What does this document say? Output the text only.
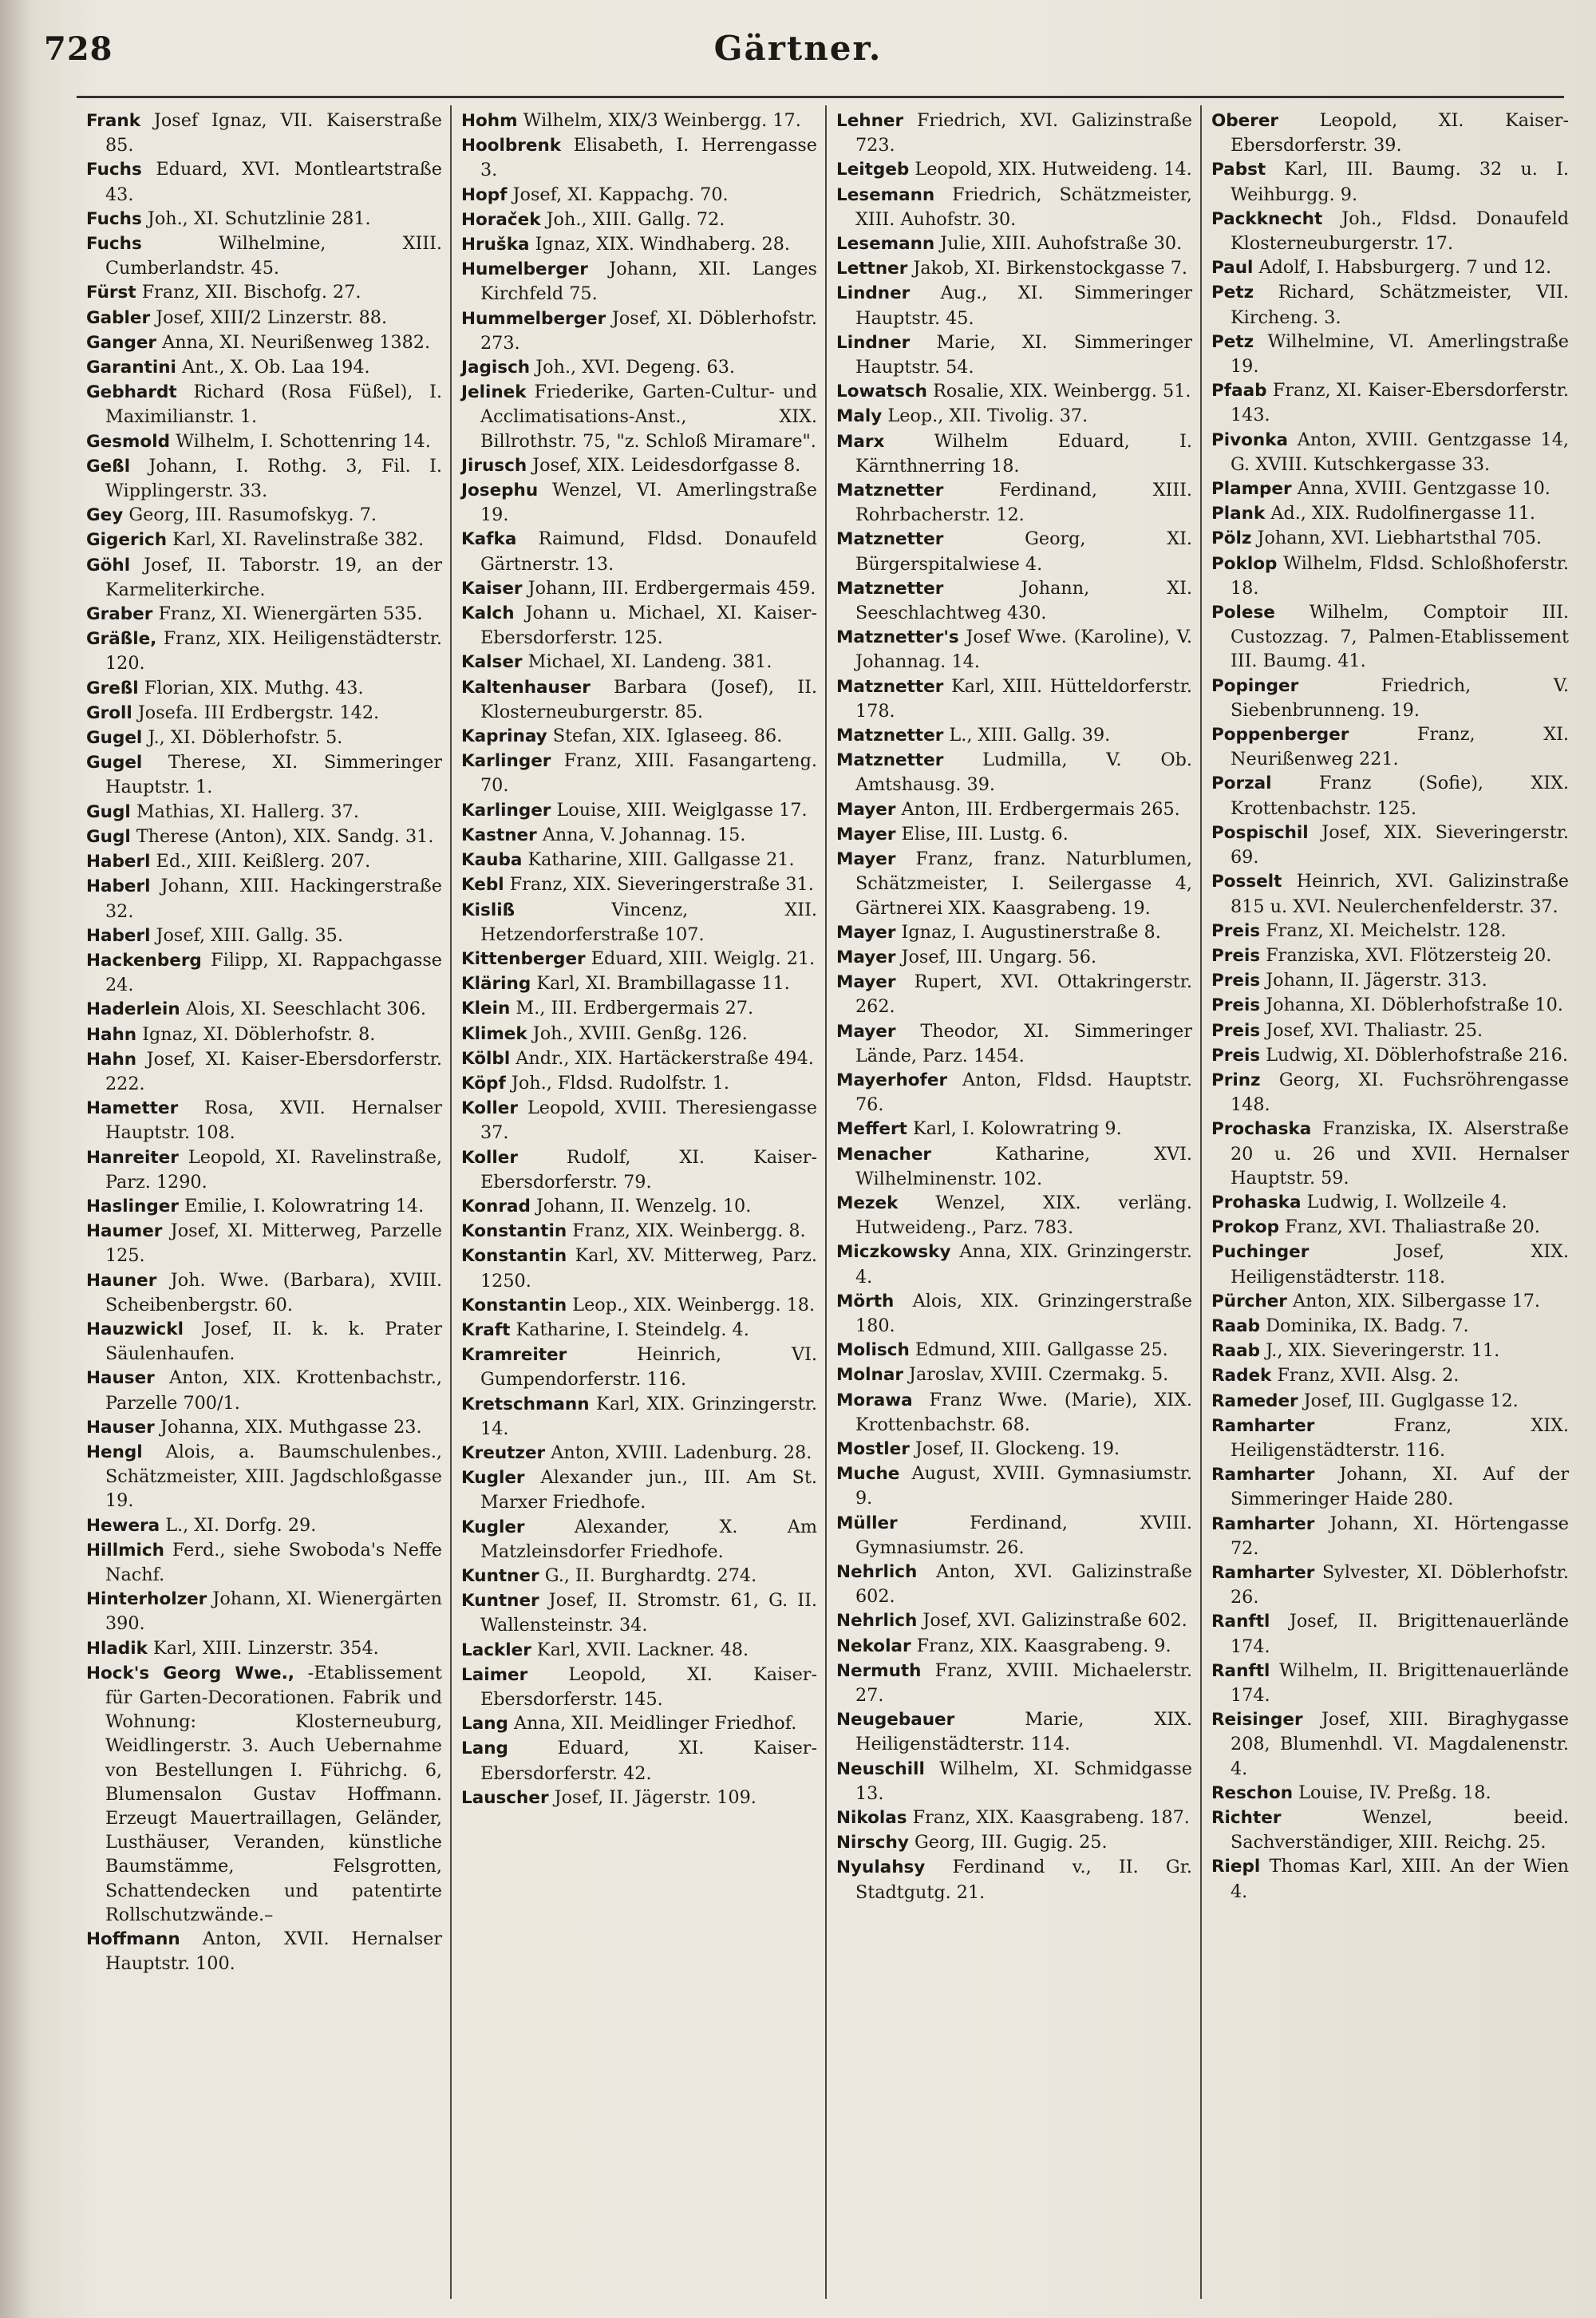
728	Gärtner.
Frank Josef Ignaz, VII. Kaiserstraße 85.
Fuchs Eduard, XVI. Montleartstraße 43.
Fuchs Joh., XI. Schutzlinie 281.
Fuchs	Wilhelmine, XIII. Cumberlandstr. 45.
Fürst Franz, XII. Bischofg. 27.
Gabler Josef, XIII/2 Linzerstr. 88.
Ganger Anna, XI. Neurißenweg 1382.
Garantini Ant., X. Ob. Laa 194.
Gebhardt Richard (Rosa Füßel), I. Maximilianstr. 1.
Gesmold Wilhelm, I. Schottenring 14.
Geßl Johann, I. Rothg. 3, Fil. I. Wipplingerstr. 33.
Gey Georg, III. Rasumofskyg. 7.
Gigerich Karl, XI. Ravelinstraße 382.
Göhl Josef, II. Taborstr. 19, an der Karmeliterkirche.
Graber Franz, XI. Wienergärten 535.
Gräßle, Franz, XIX. Heiligenstädterstr. 120.
Greßl Florian, XIX. Muthg. 43.
Groll Josefa. III Erdbergstr. 142.
Gugel J., XI. Döblerhofstr. 5.
Gugel Therese, XI. Simmeringer Hauptstr. 1.
Gugl Mathias, XI. Hallerg. 37.
Gugl Therese (Anton), XIX. Sandg. 31.
Haberl Ed., XIII. Keißlerg. 207.
Haberl Johann, XIII. Hackingerstraße 32.
Haberl Josef, XIII. Gallg. 35.
Hackenberg Filipp, XI. Rappachgasse 24.
Haderlein Alois, XI. Seeschlacht 306.
Hahn Ignaz, XI. Döblerhofstr. 8.
Hahn Josef, XI. Kaiser-Ebersdorferstr. 222.
Hametter Rosa, XVII. Hernalser Hauptstr. 108.
Hanreiter Leopold, XI. Ravelinstraße, Parz. 1290.
Haslinger Emilie, I. Kolowratring 14.
Haumer Josef, XI. Mitterweg, Parzelle 125.
Hauner Joh. Wwe. (Barbara), XVIII. Scheibenbergstr. 60.
Hauzwickl Josef, II. k. k. Prater Säulenhaufen.
Hauser Anton, XIX. Krottenbachstr., Parzelle 700/1.
Hauser Johanna, XIX. Muthgasse 23.
Hengl Alois, a. Baumschulenbes., Schätzmeister, XIII. Jagdschloßgasse 19.
Hewera L., XI. Dorfg. 29.
Hillmich Ferd., siehe Swoboda's Neffe Nachf.
Hinterholzer Johann, XI. Wienergärten 390.
Hladik Karl, XIII. Linzerstr. 354.
Hock's Georg Wwe., -Etablissement für Garten-Decorationen. Fabrik und Wohnung: Klosterneuburg, Weidlingerstr. 3. Auch Uebernahme von Bestellungen I. Führichg. 6, Blumensalon Gustav Hoffmann. Erzeugt Mauertraillagen, Geländer, Lusthäuser, Veranden, künstliche Baumstämme, Felsgrotten, Schattendecken und patentirte Rollschutzwände.–
Hoffmann Anton, XVII. Hernalser Hauptstr. 100.
Hohm Wilhelm, XIX/3 Weinbergg. 17.
Hoolbrenk Elisabeth, I. Herrengasse 3.
Hopf Josef, XI. Kappachg. 70.
Horaček Joh., XIII. Gallg. 72.
Hruška Ignaz, XIX. Windhaberg. 28.
Humelberger Johann, XII. Langes Kirchfeld 75.
Hummelberger Josef, XI. Döblerhofstr. 273.
Jagisch Joh., XVI. Degeng. 63.
Jelinek Friederike, Garten-Cultur- und Acclimatisations-Anst., XIX. Billrothstr. 75, "z. Schloß Miramare".
Jirusch Josef, XIX. Leidesdorfgasse 8.
Josephu Wenzel, VI. Amerlingstraße 19.
Kafka Raimund, Fldsd. Donaufeld Gärtnerstr. 13.
Kaiser Johann, III. Erdbergermais 459.
Kalch Johann u. Michael, XI. Kaiser-Ebersdorferstr. 125.
Kalser Michael, XI. Landeng. 381.
Kaltenhauser Barbara (Josef), II. Klosterneuburgerstr. 85.
Kaprinay Stefan, XIX. Iglaseeg. 86.
Karlinger Franz, XIII. Fasangarteng. 70.
Karlinger Louise, XIII. Weiglgasse 17.
Kastner Anna, V. Johannag. 15.
Kauba Katharine, XIII. Gallgasse 21.
Kebl Franz, XIX. Sieveringerstraße 31.
Kisliß	Vincenz, XII. Hetzendorferstraße 107.
Kittenberger Eduard, XIII. Weiglg. 21.
Kläring Karl, XI. Brambillagasse 11.
Klein M., III. Erdbergermais 27.
Klimek Joh., XVIII. Genßg. 126.
Kölbl Andr., XIX. Hartäckerstraße 494.
Köpf Joh., Fldsd. Rudolfstr. 1.
Koller Leopold, XVIII. Theresiengasse 37.
Koller	Rudolf, XI. Kaiser-Ebersdorferstr. 79.
Konrad Johann, II. Wenzelg. 10.
Konstantin Franz, XIX. Weinbergg. 8.
Konstantin Karl, XV. Mitterweg, Parz. 1250.
Konstantin Leop., XIX. Weinbergg. 18.
Kraft Katharine, I. Steindelg. 4.
Kramreiter	Heinrich, VI. Gumpendorferstr. 116.
Kretschmann Karl, XIX. Grinzingerstr. 14.
Kreutzer Anton, XVIII. Ladenburg. 28.
Kugler Alexander jun., III. Am St. Marxer Friedhofe.
Kugler	Alexander, X. Am Matzleinsdorfer Friedhofe.
Kuntner G., II. Burghardtg. 274.
Kuntner Josef, II. Stromstr. 61, G. II. Wallensteinstr. 34.
Lackler Karl, XVII. Lackner. 48.
Laimer Leopold, XI. Kaiser-Ebersdorferstr. 145.
Lang Anna, XII. Meidlinger Friedhof.
Lang	Eduard, XI. Kaiser-Ebersdorferstr. 42.
Lauscher Josef, II. Jägerstr. 109.
Lehner Friedrich, XVI. Galizinstraße 723.
Leitgeb Leopold, XIX. Hutweideng. 14.
Lesemann Friedrich, Schätzmeister, XIII. Auhofstr. 30.
Lesemann Julie, XIII. Auhofstraße 30.
Lettner Jakob, XI. Birkenstockgasse 7.
Lindner Aug., XI. Simmeringer Hauptstr. 45.
Lindner Marie, XI. Simmeringer Hauptstr. 54.
Lowatsch Rosalie, XIX. Weinbergg. 51.
Maly Leop., XII. Tivolig. 37.
Marx	Wilhelm Eduard, I. Kärnthnerring 18.
Matznetter	Ferdinand, XIII. Rohrbacherstr. 12.
Matznetter	Georg, XI. Bürgerspitalwiese 4.
Matznetter	Johann, XI. Seeschlachtweg 430.
Matznetter's Josef Wwe. (Karoline), V. Johannag. 14.
Matznetter Karl, XIII. Hütteldorferstr. 178.
Matznetter L., XIII. Gallg. 39.
Matznetter Ludmilla, V. Ob. Amtshausg. 39.
Mayer Anton, III. Erdbergermais 265.
Mayer Elise, III. Lustg. 6.
Mayer Franz, franz. Naturblumen, Schätzmeister, I. Seilergasse 4, Gärtnerei XIX. Kaasgrabeng. 19.
Mayer Ignaz, I. Augustinerstraße 8.
Mayer Josef, III. Ungarg. 56.
Mayer Rupert, XVI. Ottakringerstr. 262.
Mayer Theodor, XI. Simmeringer Lände, Parz. 1454.
Mayerhofer Anton, Fldsd. Hauptstr. 76.
Meffert Karl, I. Kolowratring 9.
Menacher	Katharine, XVI. Wilhelminenstr. 102.
Mezek Wenzel, XIX. verläng. Hutweideng., Parz. 783.
Miczkowsky Anna, XIX. Grinzingerstr. 4.
Mörth Alois, XIX. Grinzingerstraße 180.
Molisch Edmund, XIII. Gallgasse 25.
Molnar Jaroslav, XVIII. Czermakg. 5.
Morawa Franz Wwe. (Marie), XIX. Krottenbachstr. 68.
Mostler Josef, II. Glockeng. 19.
Muche August, XVIII. Gymnasiumstr. 9.
Müller	Ferdinand, XVIII. Gymnasiumstr. 26.
Nehrlich Anton, XVI. Galizinstraße 602.
Nehrlich Josef, XVI. Galizinstraße 602.
Nekolar Franz, XIX. Kaasgrabeng. 9.
Nermuth Franz, XVIII. Michaelerstr. 27.
Neugebauer	Marie, XIX. Heiligenstädterstr. 114.
Neuschill Wilhelm, XI. Schmidgasse 13.
Nikolas Franz, XIX. Kaasgrabeng. 187.
Nirschy Georg, III. Gugig. 25.
Nyulahsy Ferdinand v., II. Gr. Stadtgutg. 21.
Oberer Leopold, XI. Kaiser-Ebersdorferstr. 39.
Pabst Karl, III. Baumg. 32 u. I. Weihburgg. 9.
Packknecht Joh., Fldsd. Donaufeld Klosterneuburgerstr. 17.
Paul Adolf, I. Habsburgerg. 7 und 12.
Petz Richard, Schätzmeister, VII. Kircheng. 3.
Petz Wilhelmine, VI. Amerlingstraße 19.
Pfaab Franz, XI. Kaiser-Ebersdorferstr. 143.
Pivonka Anton, XVIII. Gentzgasse 14, G. XVIII. Kutschkergasse 33.
Plamper Anna, XVIII. Gentzgasse 10.
Plank Ad., XIX. Rudolfinergasse 11.
Pölz Johann, XVI. Liebhartsthal 705.
Poklop Wilhelm, Fldsd. Schloßhoferstr. 18.
Polese Wilhelm, Comptoir III. Custozzag. 7, Palmen-Etablissement III. Baumg. 41.
Popinger	Friedrich, V. Siebenbrunneng. 19.
Poppenberger	Franz, XI. Neurißenweg 221.
Porzal	Franz (Sofie), XIX. Krottenbachstr. 125.
Pospischil Josef, XIX. Sieveringerstr. 69.
Posselt Heinrich, XVI. Galizinstraße 815 u. XVI. Neulerchenfelderstr. 37.
Preis Franz, XI. Meichelstr. 128.
Preis Franziska, XVI. Flötzersteig 20.
Preis Johann, II. Jägerstr. 313.
Preis Johanna, XI. Döblerhofstraße 10.
Preis Josef, XVI. Thaliastr. 25.
Preis Ludwig, XI. Döblerhofstraße 216.
Prinz Georg, XI. Fuchsröhrengasse 148.
Prochaska Franziska, IX. Alserstraße 20 u. 26 und XVII. Hernalser Hauptstr. 59.
Prohaska Ludwig, I. Wollzeile 4.
Prokop Franz, XVI. Thaliastraße 20.
Puchinger	Josef, XIX. Heiligenstädterstr. 118.
Pürcher Anton, XIX. Silbergasse 17.
Raab Dominika, IX. Badg. 7.
Raab J., XIX. Sieveringerstr. 11.
Radek Franz, XVII. Alsg. 2.
Rameder Josef, III. Guglgasse 12.
Ramharter	Franz, XIX. Heiligenstädterstr. 116.
Ramharter Johann, XI. Auf der Simmeringer Haide 280.
Ramharter Johann, XI. Hörtengasse 72.
Ramharter Sylvester, XI. Döblerhofstr. 26.
Ranftl Josef, II. Brigittenauerlände 174.
Ranftl Wilhelm, II. Brigittenauerlände 174.
Reisinger Josef, XIII. Biraghygasse 208, Blumenhdl. VI. Magdalenenstr. 4.
Reschon Louise, IV. Preßg. 18.
Richter	Wenzel, beeid. Sachverständiger, XIII. Reichg. 25.
Riepl Thomas Karl, XIII. An der Wien 4.
